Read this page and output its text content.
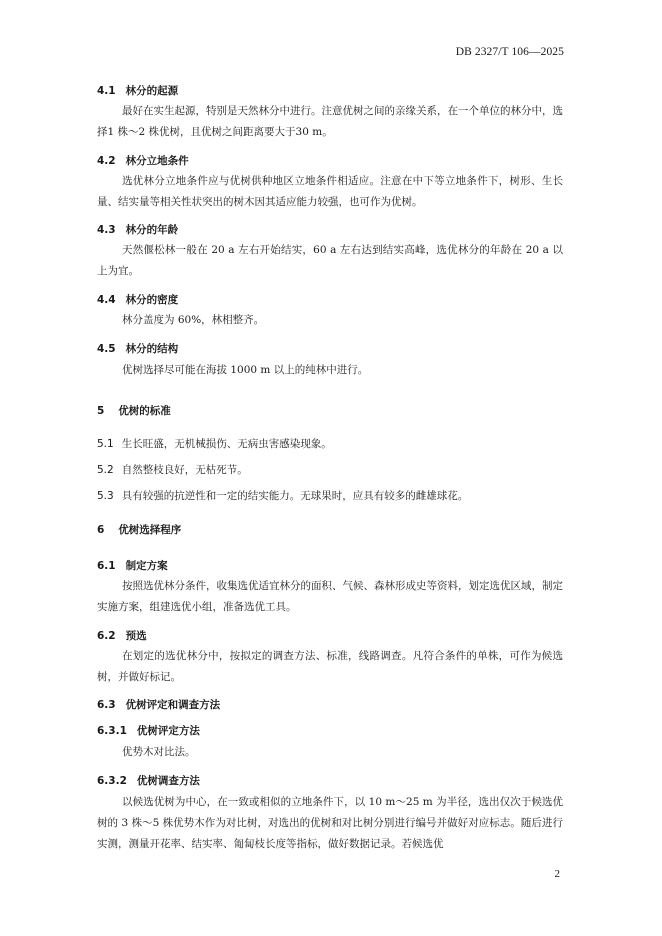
DB 2327/T 106—2025
4.1 林分的起源

最好在实生起源，特别是天然林分中进行。注意优树之间的亲缘关系，在一个单位的林分中，选择1 株～2 株优树，且优树之间距离要大于30 m。

4.2 林分立地条件

选优林分立地条件应与优树供种地区立地条件相适应。注意在中下等立地条件下，树形、生长量、结实量等相关性状突出的树木因其适应能力较强，也可作为优树。

4.3 林分的年龄

天然偃松林一般在 20 a 左右开始结实，60 a 左右达到结实高峰，选优林分的年龄在 20 a 以上为宜。

4.4 林分的密度

林分盖度为 60%，林相整齐。

4.5 林分的结构

优树选择尽可能在海拔 1000 m 以上的纯林中进行。

5 优树的标准
5.1 生长旺盛，无机械损伤、无病虫害感染现象。
5.2 自然整枝良好，无枯死节。
5.3 具有较强的抗逆性和一定的结实能力。无球果时，应具有较多的雌雄球花。
6 优树选择程序
6.1 制定方案

按照选优林分条件，收集选优适宜林分的面积、气候、森林形成史等资料，划定选优区域，制定实施方案，组建选优小组，准备选优工具。

6.2 预选

在划定的选优林分中，按拟定的调查方法、标准，线路调查。凡符合条件的单株，可作为候选树，并做好标记。

6.3 优树评定和调查方法
6.3.1 优树评定方法

优势木对比法。

6.3.2 优树调查方法

以候选优树为中心，在一致或相似的立地条件下，以 10 m～25 m 为半径，选出仅次于候选优树的 3 株～5 株优势木作为对比树，对选出的优树和对比树分别进行编号并做好对应标志。随后进行实测，测量开花率、结实率、匍匐枝长度等指标，做好数据记录。若候选优

2
